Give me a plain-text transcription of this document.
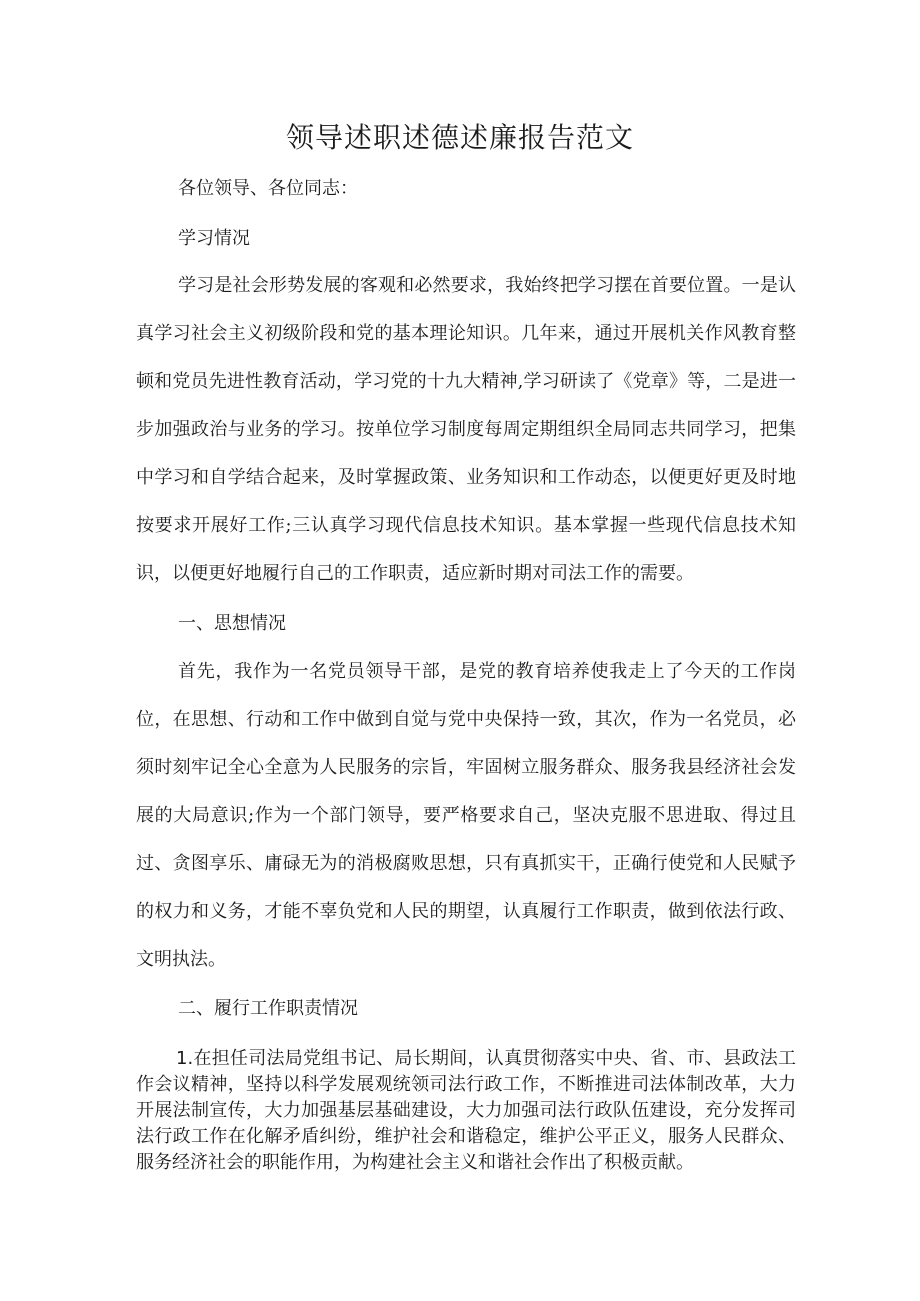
领导述职述德述廉报告范文

各位领导、各位同志：

学习情况

学习是社会形势发展的客观和必然要求，我始终把学习摆在首要位置。一是认真学习社会主义初级阶段和党的基本理论知识。几年来，通过开展机关作风教育整顿和党员先进性教育活动，学习党的十九大精神,学习研读了《党章》等，二是进一步加强政治与业务的学习。按单位学习制度每周定期组织全局同志共同学习，把集中学习和自学结合起来，及时掌握政策、业务知识和工作动态，以便更好更及时地按要求开展好工作;三认真学习现代信息技术知识。基本掌握一些现代信息技术知识，以便更好地履行自己的工作职责，适应新时期对司法工作的需要。

一、思想情况

首先，我作为一名党员领导干部，是党的教育培养使我走上了今天的工作岗位，在思想、行动和工作中做到自觉与党中央保持一致，其次，作为一名党员，必须时刻牢记全心全意为人民服务的宗旨，牢固树立服务群众、服务我县经济社会发展的大局意识;作为一个部门领导，要严格要求自己，坚决克服不思进取、得过且过、贪图享乐、庸碌无为的消极腐败思想，只有真抓实干，正确行使党和人民赋予的权力和义务，才能不辜负党和人民的期望，认真履行工作职责，做到依法行政、文明执法。

二、履行工作职责情况

1.在担任司法局党组书记、局长期间，认真贯彻落实中央、省、市、县政法工作会议精神，坚持以科学发展观统领司法行政工作，不断推进司法体制改革，大力开展法制宣传，大力加强基层基础建设，大力加强司法行政队伍建设，充分发挥司法行政工作在化解矛盾纠纷，维护社会和谐稳定，维护公平正义，服务人民群众、服务经济社会的职能作用，为构建社会主义和谐社会作出了积极贡献。
